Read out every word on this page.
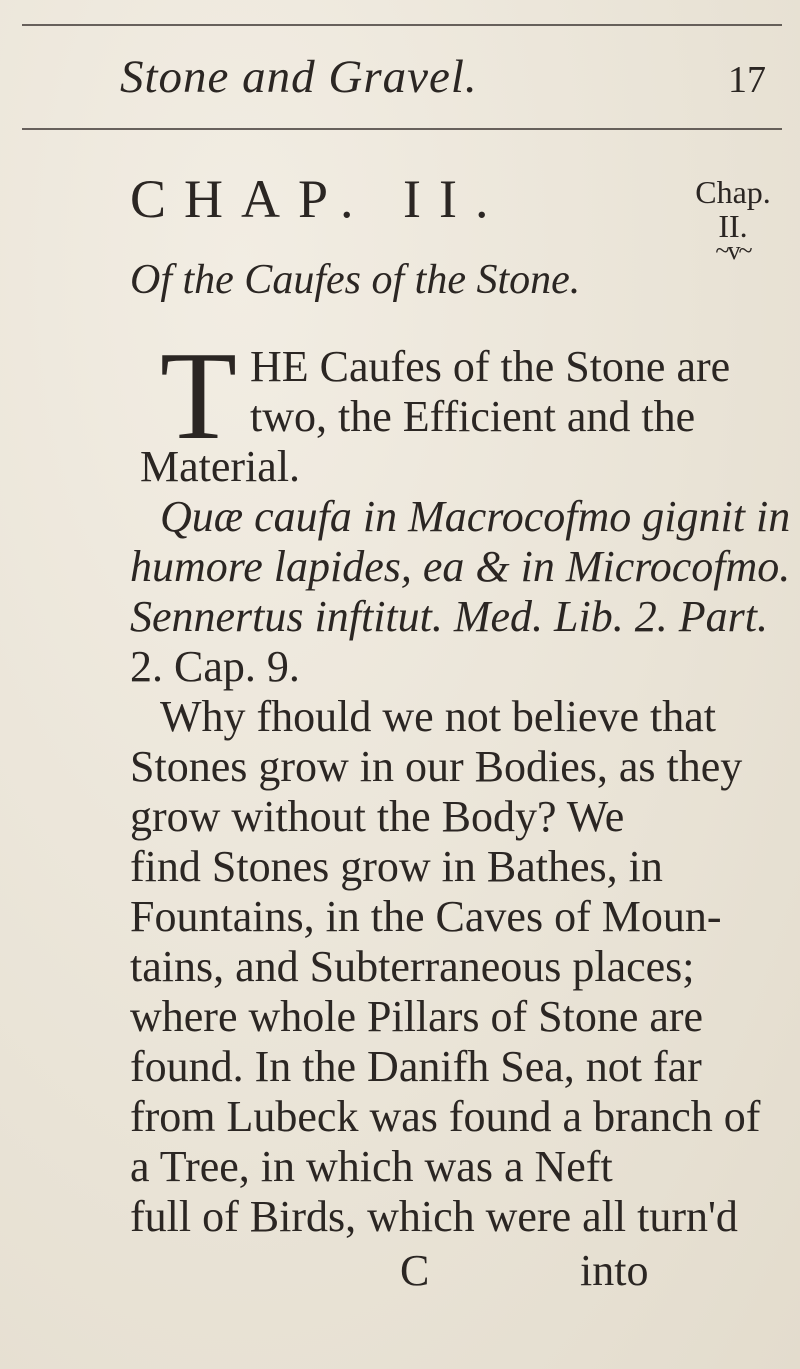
Stone and Gravel.	17
CHAP. II.
Of the Caufes of the Stone.
Chap.
II.
~v~
T HE Caufes of the Stone are
two, the Efficient and the
Material.
Quæ caufa in Macrocofmo gignit in
humore lapides, ea & in Microcofmo.
Sennertus inftitut. Med. Lib. 2. Part.
2. Cap. 9.
Why fhould we not believe that
Stones grow in our Bodies, as they
grow without the Body? We
find Stones grow in Bathes, in
Fountains, in the Caves of Moun-
tains, and Subterraneous places;
where whole Pillars of Stone are
found. In the Danifh Sea, not far
from Lubeck was found a branch of
a Tree, in which was a Neft
full of Birds, which were all turn'd
C	into
